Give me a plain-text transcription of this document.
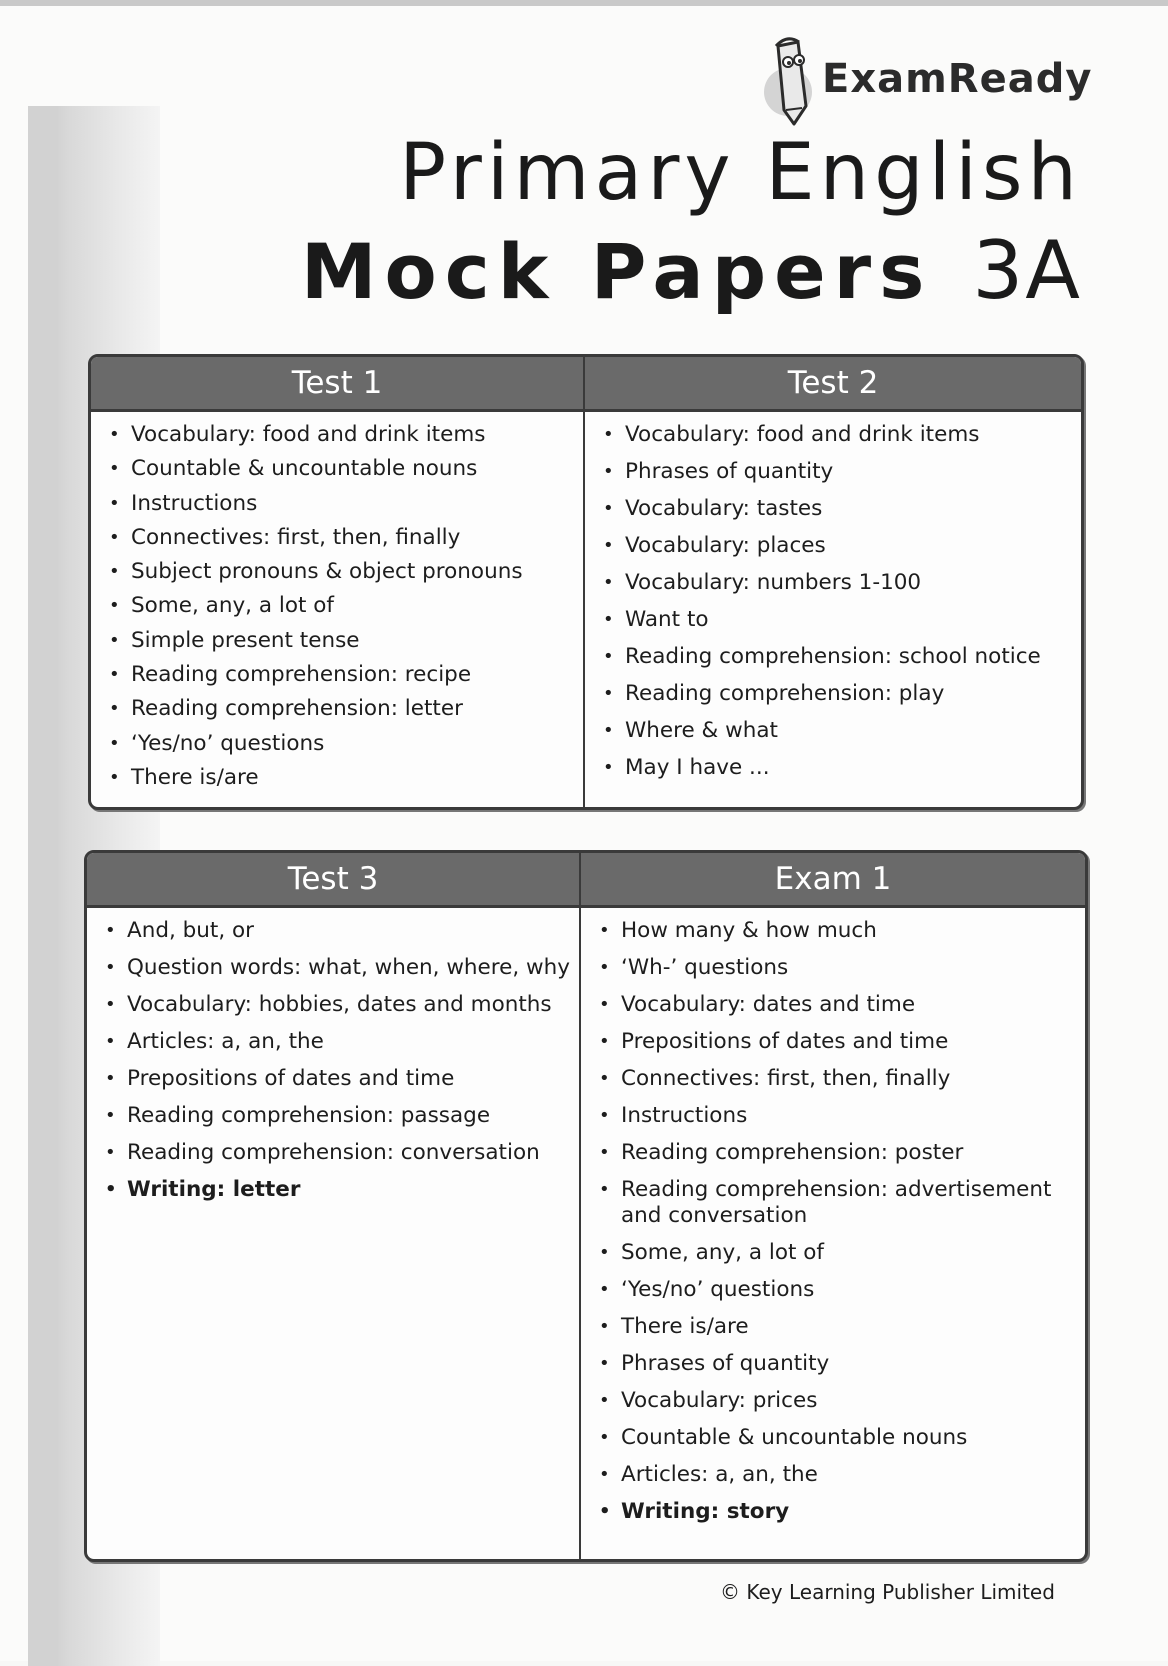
ExamReady
Primary English
Mock Papers 3A
Test 1
• Vocabulary: food and drink items
• Countable & uncountable nouns
• Instructions
• Connectives: first, then, finally
• Subject pronouns & object pronouns
• Some, any, a lot of
• Simple present tense
• Reading comprehension: recipe
• Reading comprehension: letter
• ‘Yes/no’ questions
• There is/are
Test 2
• Vocabulary: food and drink items
• Phrases of quantity
• Vocabulary: tastes
• Vocabulary: places
• Vocabulary: numbers 1-100
• Want to
• Reading comprehension: school notice
• Reading comprehension: play
• Where & what
• May I have ...
Test 3
• And, but, or
• Question words: what, when, where, why
• Vocabulary: hobbies, dates and months
• Articles: a, an, the
• Prepositions of dates and time
• Reading comprehension: passage
• Reading comprehension: conversation
• Writing: letter
Exam 1
• How many & how much
• ‘Wh-’ questions
• Vocabulary: dates and time
• Prepositions of dates and time
• Connectives: first, then, finally
• Instructions
• Reading comprehension: poster
• Reading comprehension: advertisement and conversation
• Some, any, a lot of
• ‘Yes/no’ questions
• There is/are
• Phrases of quantity
• Vocabulary: prices
• Countable & uncountable nouns
• Articles: a, an, the
• Writing: story
© Key Learning Publisher Limited
